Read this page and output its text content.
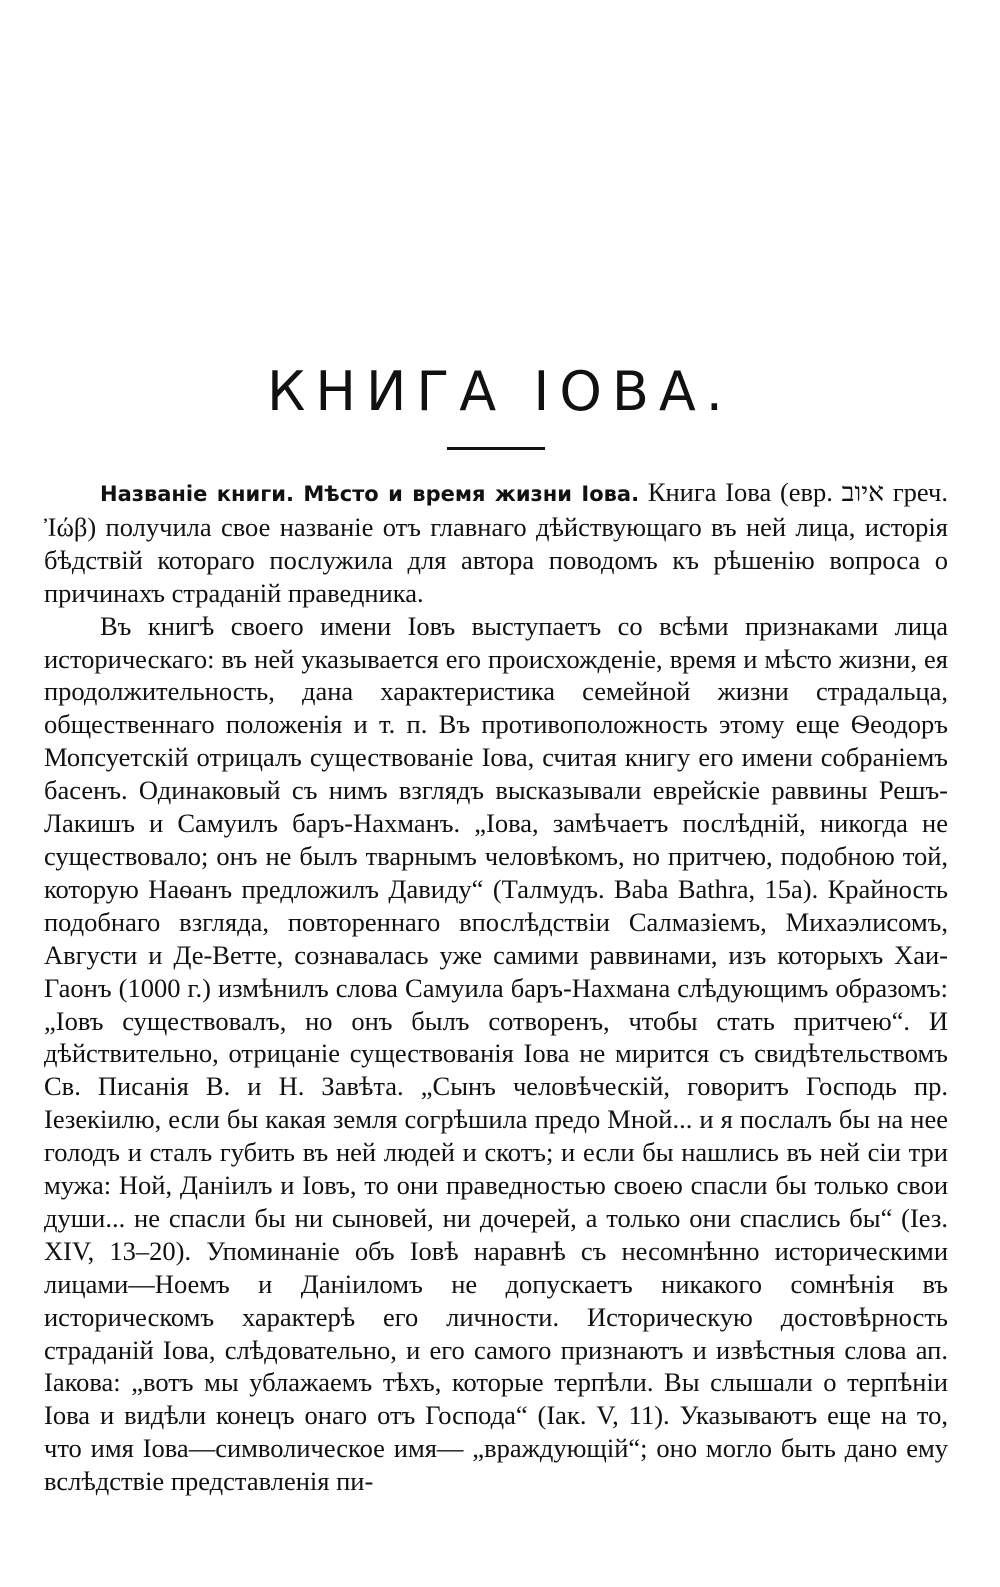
КНИГА ІОВА.

Названіе книги. Мѣсто и время жизни Іова. Книга Іова (евр. איוב греч. Ἰώβ) получила свое названіе отъ главнаго дѣйствующаго въ ней лица, исторія бѣдствій котораго послужила для автора поводомъ къ рѣшенію вопроса о причинахъ страданій праведника.

Въ книгѣ своего имени Іовъ выступаетъ со всѣми признаками лица историческаго: въ ней указывается его происхожденіе, время и мѣсто жизни, ея продолжительность, дана характеристика семейной жизни страдальца, общественнаго положенія и т. п. Въ противоположность этому еще Ѳеодоръ Мопсуетскій отрицалъ существованіе Іова, считая книгу его имени собраніемъ басенъ. Одинаковый съ нимъ взглядъ высказывали еврейскіе раввины Решъ-Лакишъ и Самуилъ баръ-Нахманъ. „Іова, замѣчаетъ послѣдній, никогда не существовало; онъ не былъ тварнымъ человѣкомъ, но притчею, подобною той, которую Наѳанъ предложилъ Давиду“ (Талмудъ. Baba Bathra, 15a). Крайность подобнаго взгляда, повтореннаго впослѣдствіи Салмазіемъ, Михаэлисомъ, Августи и Де-Ветте, сознавалась уже самими раввинами, изъ которыхъ Хаи-Гаонъ (1000 г.) измѣнилъ слова Самуила баръ-Нахмана слѣдующимъ образомъ: „Іовъ существовалъ, но онъ былъ сотворенъ, чтобы стать притчею“. И дѣйствительно, отрицаніе существованія Іова не мирится съ свидѣтельствомъ Св. Писанія В. и Н. Завѣта. „Сынъ человѣческій, говоритъ Господь пр. Іезекіилю, если бы какая земля согрѣшила предо Мной... и я послалъ бы на нее голодъ и сталъ губить въ ней людей и скотъ; и если бы нашлись въ ней сіи три мужа: Ной, Даніилъ и Іовъ, то они праведностью своею спасли бы только свои души... не спасли бы ни сыновей, ни дочерей, а только они спаслись бы“ (Іез. XIV, 13–20). Упоминаніе объ Іовѣ наравнѣ съ несомнѣнно историческими лицами—Ноемъ и Даніиломъ не допускаетъ никакого сомнѣнія въ историческомъ характерѣ его личности. Историческую достовѣрность страданій Іова, слѣдовательно, и его самого признаютъ и извѣстныя слова ап. Іакова: „вотъ мы ублажаемъ тѣхъ, которые терпѣли. Вы слышали о терпѣніи Іова и видѣли конецъ онаго отъ Господа“ (Іак. V, 11). Указываютъ еще на то, что имя Іова—символическое имя— „враждующій“; оно могло быть дано ему вслѣдствіе представленія пи-
